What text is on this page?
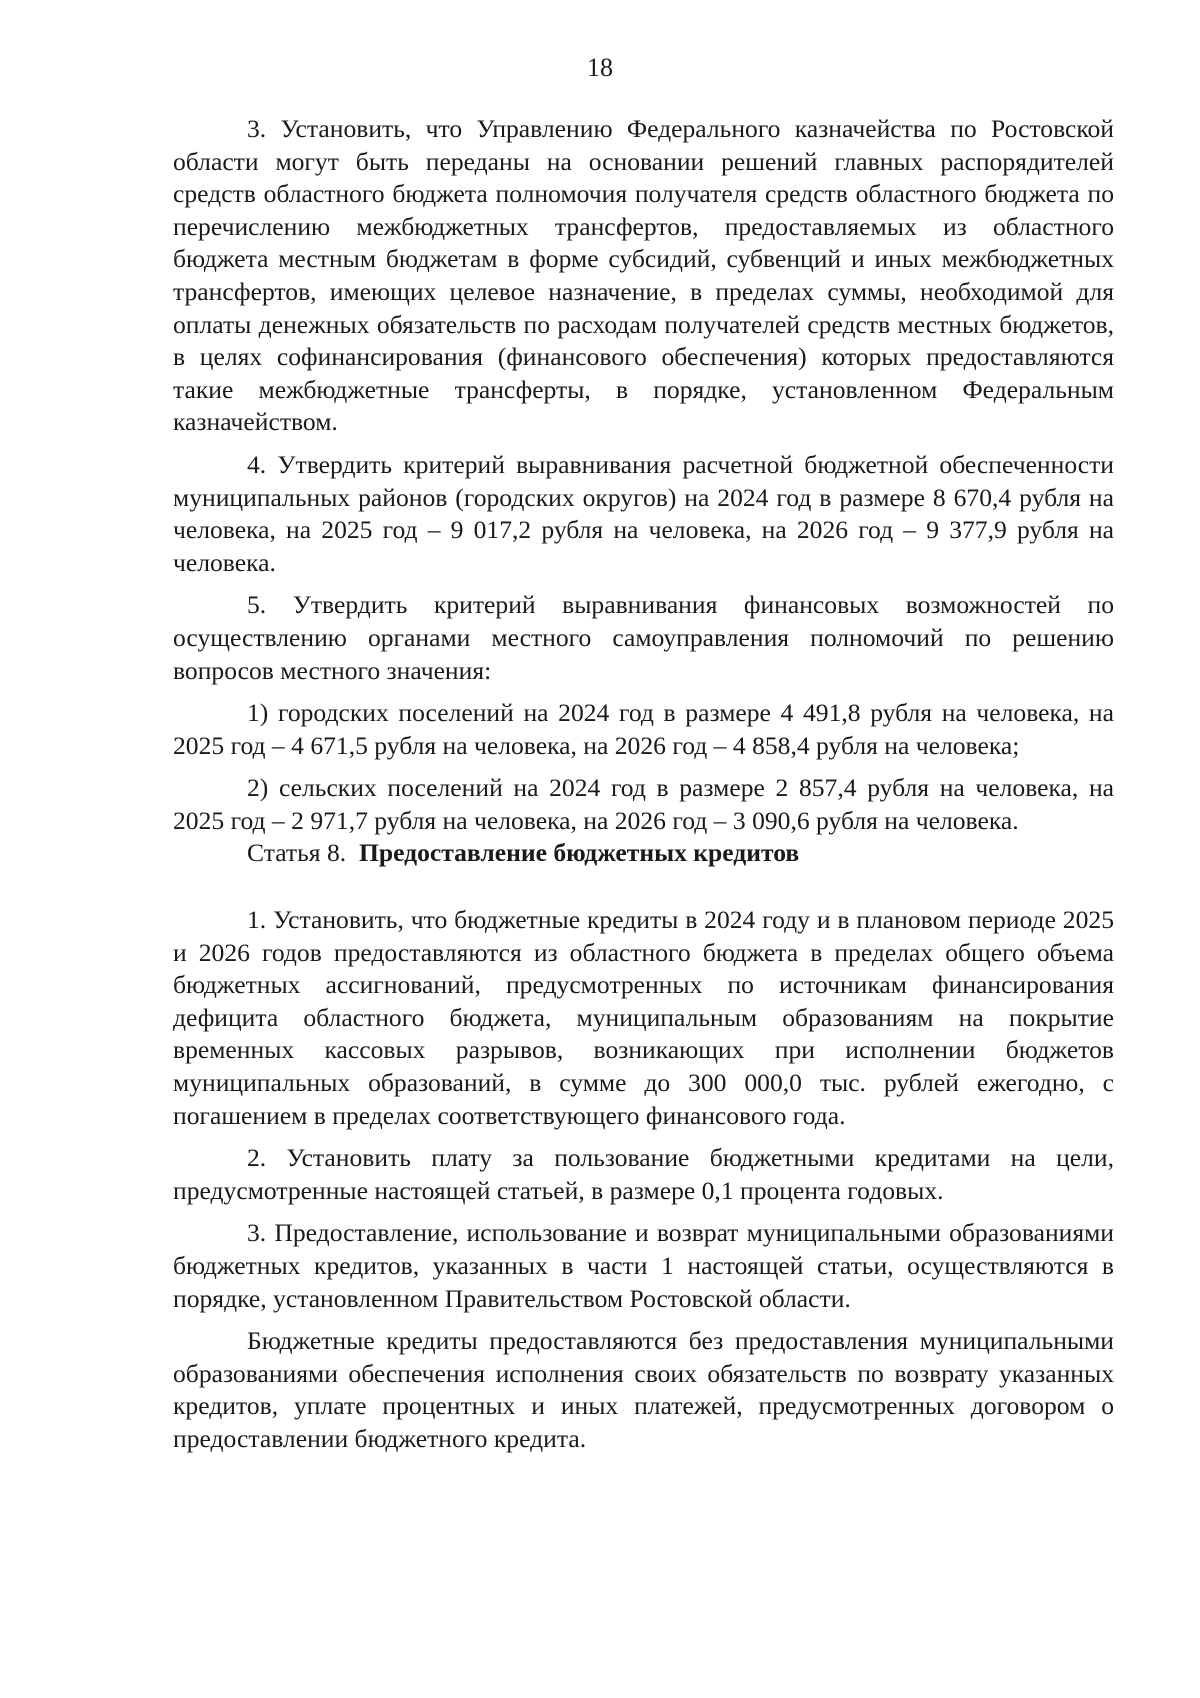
18

3. Установить, что Управлению Федерального казначейства по Ростовской области могут быть переданы на основании решений главных распорядителей средств областного бюджета полномочия получателя средств областного бюджета по перечислению межбюджетных трансфертов, предоставляемых из областного бюджета местным бюджетам в форме субсидий, субвенций и иных межбюджетных трансфертов, имеющих целевое назначение, в пределах суммы, необходимой для оплаты денежных обязательств по расходам получателей средств местных бюджетов, в целях софинансирования (финансового обеспечения) которых предоставляются такие межбюджетные трансферты, в порядке, установленном Федеральным казначейством.

4. Утвердить критерий выравнивания расчетной бюджетной обеспеченности муниципальных районов (городских округов) на 2024 год в размере 8 670,4 рубля на человека, на 2025 год – 9 017,2 рубля на человека, на 2026 год – 9 377,9 рубля на человека.

5. Утвердить критерий выравнивания финансовых возможностей по осуществлению органами местного самоуправления полномочий по решению вопросов местного значения:

1) городских поселений на 2024 год в размере 4 491,8 рубля на человека, на 2025 год – 4 671,5 рубля на человека, на 2026 год – 4 858,4 рубля на человека;

2) сельских поселений на 2024 год в размере 2 857,4 рубля на человека, на 2025 год – 2 971,7 рубля на человека, на 2026 год – 3 090,6 рубля на человека.

Статья 8. Предоставление бюджетных кредитов

1. Установить, что бюджетные кредиты в 2024 году и в плановом периоде 2025 и 2026 годов предоставляются из областного бюджета в пределах общего объема бюджетных ассигнований, предусмотренных по источникам финансирования дефицита областного бюджета, муниципальным образованиям на покрытие временных кассовых разрывов, возникающих при исполнении бюджетов муниципальных образований, в сумме до 300 000,0 тыс. рублей ежегодно, с погашением в пределах соответствующего финансового года.

2. Установить плату за пользование бюджетными кредитами на цели, предусмотренные настоящей статьей, в размере 0,1 процента годовых.

3. Предоставление, использование и возврат муниципальными образованиями бюджетных кредитов, указанных в части 1 настоящей статьи, осуществляются в порядке, установленном Правительством Ростовской области.

Бюджетные кредиты предоставляются без предоставления муниципальными образованиями обеспечения исполнения своих обязательств по возврату указанных кредитов, уплате процентных и иных платежей, предусмотренных договором о предоставлении бюджетного кредита.
